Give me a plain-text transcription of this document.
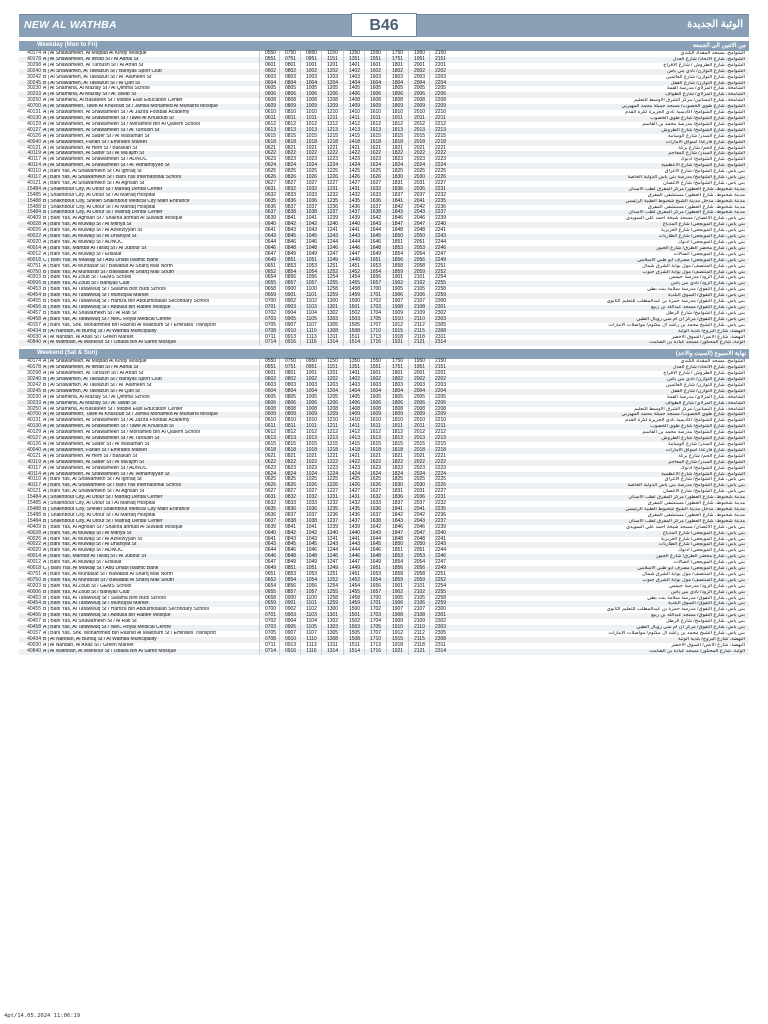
NEW AL WATHBA	الوثبة الجديدة
B46
Weekday (Mon to Fri)	من الاثنين الى الجمعة
40174 A | Al Shawamekh, Al Miqdad Al Kindy Mosque	0550	0750	0950	1150	1350	1550	1750	1950	2150	الشوامخ، مسجد المقداد الكندي
40178 A | Al Shawamekh, Al Itihad St / Al Adhal St	0551	0751	0951	1151	1351	1551	1751	1951	2151	الشوامخ، شارع الاتحاد/ شارع العدل
30298 A | Al Shawamekh, Al Turoush St / Al Afrah St	0601	0801	1001	1201	1401	1601	1801	2001	2201	الشوامخ، شارع الطروش / شارع الافراح
30240 B | Al Shawamkh, Al Tawazun St / Baniyas Sport Club	0602	0802	1002	1202	1402	1602	1802	2002	2202	الشوامخ، شارع التوازن/ نادي بني ياس
30242 B | Al Shawamkh, Al Tawazun St / Al 'Alameen St	0603	0803	1003	1203	1403	1603	1803	2003	2203	الشوامخ، شارع التوازن/ شارع العالمين
30245 B | Al Shawamkh, Al Tawazun St / Al Qafl St	0604	0804	1004	1204	1404	1604	1804	2004	2204	الشوامخ، شارع التوازن/ شارع القفل
30230 A | Al Shamkha, Al Mazlay St / Al Qimma School	0605	0805	1005	1205	1405	1605	1805	2005	2205	الشامخة، شارع المزلاي/ مدرسة القمة
30233 A | Al Shamkha, Al Mazlay St / Al Tawaf St	0606	0806	1006	1206	1406	1606	1806	2006	2206	الشامخة، شارع المزلاي/ شارع الطواف
30250 A | Al Shamkha, Al Basateen St / Middle East Education Center	0608	0808	1008	1208	1408	1608	1808	2008	2208	الشامخة، شارع البساتين/ مركز الشرق الاوسط للتعليم
40700 A | Al Shawamekh, Tawe Al Khusoub St / Jamila Mohamed Al Muhairbi Mosque	0609	0809	1009	1209	1409	1609	1809	2009	2209	الشوامخ، شارع طوي الخصوب/ مسجد جميلة محمد المهيربي
40131 A | Al Shawamekh, Al Shawamekh St / Al Jazira Football Academy	0610	0810	1010	1210	1410	1610	1810	2010	2210	الشوامخ، شارع الشوامخ/ اكاديمية نادي الجزيرة لكرة القدم
40130 A | Al Shawamekh, Al Shawamekh St / Tawe Al Khusoub St	0611	0811	1011	1211	1411	1611	1811	2011	2211	الشوامخ، شارع الشوامخ/ شارع طوي الخصوب
40129 A | Al Shawamekh, Al Shawamekh St / Mohamed Bin Al Qasem School	0612	0812	1012	1212	1412	1612	1812	2012	2212	الشوامخ، شارع الشوامخ/ مدرسة محمد بن القاسم
40127 A | Al Shawamekh, Al Shawamekh St / Al Turoush St	0613	0813	1013	1213	1413	1613	1813	2013	2213	الشوامخ، شارع الشوامخ/ شارع الطروش
40126 A | Al Shawamekh, Al Sader St / Al Wasamah St	0615	0815	1015	1215	1415	1615	1815	2015	2215	الشوامخ، شارع السدر/ شارع الوسامة
40040 A | Al Shawamekh, Fariah St / Emirates Market	0618	0818	1018	1218	1418	1618	1818	2018	2218	الشوامخ، شارع فارعة/ اسواق الامارات
40121 A | Al Shawamekh, Al Hem St / Barakah St	0621	0821	1021	1221	1421	1621	1821	2021	2221	الشوامخ، شارع الحم/ شارع بركة
40119 A | Al Shawamekh, Al Sader St / Al Ma'ajim St	0622	0822	1022	1222	1422	1622	1822	2022	2222	الشوامخ، شارع السدر/ شارع المعاجم
40117 A | Al Shawamekh, Al Shawamekh St / ADNOC	0623	0823	1023	1223	1423	1623	1823	2023	2223	الشوامخ، شارع الشوامخ/ ادنوك
40114 A | Al Shawamekh, Al Shawamekh St / Al 'Adhamiyyah St	0624	0824	1024	1224	1424	1624	1824	2024	2224	الشوامخ، شارع الشوامخ/ شارع الاعظمية
40110 A | Bani Yas, Al Shawamekh St / Al Ighraq St	0625	0825	1025	1225	1425	1625	1825	2025	2225	بني ياس، شارع الشوامخ/ شارع الاغراق
40117 A | Bani Yas, Al Shawamekh St / Bani Yas International School	0626	0826	1026	1226	1426	1626	1830	2030	2226	بني ياس، شارع الشوامخ/ مدرسة بني ياس الدولية الخاصة
40121 A | Bani Yas, Al Shawamekh St / Al Aghsan St	0627	0827	1027	1227	1427	1627	1831	2031	2227	بني ياس، شارع الشوامخ/ شارع الاغصان
15484 A | Shakhbout City, Al Utour St / Mafraq Dental Center	0631	0832	1032	1231	1431	1632	1836	2036	2231	مدينة شخبوط، شارع العطور/ مركز المفرق لطب الاسنان
15485 A | Shakhbout City, Al Utour St / Al Mafraq Hospital	0632	0833	1033	1232	1432	1633	1837	2037	2232	مدينة شخبوط، شارع العطور/ مستشفى المفرق
15488 B | Shakhbout City, Sheikh Shakhbout Medical City Main Entrance	0635	0836	1036	1235	1435	1636	1841	2041	2235	مدينة شخبوط، مدخل مدينة الشيخ شخبوط الطبية الرئيسي
15488 B | Shakhbout City, Al Utour St / Al Mafraq Hospital	0636	0837	1037	1236	1436	1637	1842	2042	2236	مدينة شخبوط، شارع العطور/ مستشفى المفرق
15484 B | Shakhbout City, Al Utour St / Mafraq Dental Center	0637	0838	1038	1237	1437	1638	1843	2043	2237	مدينة شخبوط، شارع العطور/ مركز المفرق لطب الاسنان
40409 B | Bani Yas, Al Aghsan St / Shakha ahmad Al Suwaidi Mosque	0639	0841	1041	1239	1439	1642	1846	2046	2239	بني ياس، شارع الاغصان/ مسجد شيخة احمد علي السويدي
40028 A | Bani Yas, Al Muwaiji St / Al Mithya St	0640	0842	1042	1240	1440	1643	1847	2047	2240	بني ياس، شارع المويجعي/ شارع المذياع
40026 A | Bani Yas, Al Muwaiji St / Al Azeeziyyah St	0641	0843	1043	1241	1441	1644	1848	2048	2241	بني ياس، شارع المويجعي/ شارع العزيزية
40022 A | Bani Yas, Al Muwaiji St / Al Dhaniyat St	0643	0845	1045	1243	1443	1645	1850	2050	2243	بني ياس، شارع المويجعي/ شارع الظاريات
40020 A | Bani Yas, Al Muwaiji St / ADNOC	0644	0846	1046	1244	1444	1646	1851	2051	2244	بني ياس، شارع المويجعي/ ادنوك
40014 A | Bani Yas, Mahdar Al Taraq St / Al Jubour St	0646	0848	1048	1246	1446	1648	1853	2053	2246	بني ياس، شارع محضر الطرق/ شارع الجبور
40012 A | Bani Yas, Al Muwaiji St / Etisalat	0647	0849	1049	1247	1447	1649	1854	2054	2247	بني ياس، شارع المويجعي/ اتصالات
40018 C | Bani Yas, Al Muwaiji St / Abu Dhabi Islamic Bank	0649	0851	1051	1249	1449	1651	1856	2056	2249	بني ياس، شارع المويجعي/ مصرف ابو ظبي الاسلامي
40751 A | Bani Yas, Al Muntasaf St / Bawabat Al Sharq Mall North	0651	0853	1053	1251	1451	1653	1858	2058	2251	بني ياس، شارع المنتصف/ مول بوابة الشرق شمال
40750 B | Bani Yas, Al Muntasaf St / Bawabat Al Sharq Mall South	0652	0854	1054	1252	1452	1654	1859	2059	2252	بني ياس، شارع المنتصف/ مول بوابة الشرق جنوب
40203 B | Bani Yas, Al Zoud St / GEMS School	0654	0856	1056	1254	1454	1656	1901	2101	2254	بني ياس، شارع الزود/ مدرسة جيمس
40006 B | Bani Yas, Al Zoud St / Baniyas Club	0655	0857	1057	1255	1455	1657	1902	2102	2255	بني ياس، شارع الزود/ نادي بني ياس
40453 B | Bani Yas, Al Tafawwuq St / Salama Bint Butti School	0658	0900	1100	1258	1458	1700	1905	2105	2258	بني ياس، شارع التفوق/ مدرسة سلامة بنت بطي
40454 B | Bani Yas, Al Tafawwuq St / Municipal Market	0659	0901	1101	1259	1459	1701	1906	2106	2259	بني ياس، شارع التفوق/ السوق البلدية
40455 B | Bani Yas, Al Tafawwuq St / Hamza Bin Abdulmotalab Secondary School	0700	0902	1102	1300	1500	1702	1907	2107	2300	بني ياس، شارع التفوق/ مدرسة حمزة بن عبدالمطلب للتعليم الثانوي
40456 B | Bani Yas, Al Tafawwuq St / Abdulla bin Rabee Mosque	0701	0903	1103	1301	1501	1703	1908	2108	2301	بني ياس، شارع التفوق/ مسجد عبدالله بن ربيع
40457 B | Bani Yas, Al Shawamekh St / Al Ratl St	0702	0904	1104	1302	1502	1704	1909	2109	2302	بني ياس، شارع الشوامخ/ شارع الرطل
40458 A | Bani Yas, Al Tafawwuq St / NMC Royal Medical Centre	0703	0905	1105	1303	1503	1705	1910	2110	2303	بني ياس، شارع التفوق/ مركز ان ام سي رويال الطبي
40157 A | Bani Yas, Shk. Mohammed Bin Rashid Al Maktoum St / Emirates Transport	0705	0907	1107	1305	1505	1707	1912	2112	2305	بني ياس، شارع الشيخ محمد بن راشد آل مكتوم/ مواصلات الامارات
40434 B | Al Nahdah, Al Burouj St / Al Wathba Municipality	0708	0910	1110	1308	1508	1710	1915	2115	2308	النهضة، شارع البروج/ بلدية الوثبة
40030 A | Al Nahdah, Al Anas St / Green Market	0711	0913	1113	1311	1511	1713	1918	2118	2311	النهضة، شارع الانس/ السوق الاخضر
40840 A | Al Wathbah, Al Mahkour St / Obada Bin Al Samit Mosque	0714	0916	1116	1314	1514	1716	1921	2121	2314	الوثبة، شارع المحكور/ مسجد عبادة بن الصامت
Weekend (Sat & Sun)	نهاية الاسبوع (السبت والاحد)
40174 A | Al Shawamekh, Al Miqdad Al Kindy Mosque	0550	0750	0950	1150	1350	1550	1750	1950	2150	الشوامخ، مسجد المقداد الكندي
40178 A | Al Shawamekh, Al Itihad St / Al Adhal St	0551	0751	0951	1151	1351	1551	1751	1951	2151	الشوامخ، شارع الاتحاد/ شارع العدل
30298 A | Al Shawamekh, Al Turoush St / Al Afrah St	0601	0801	1001	1201	1401	1601	1801	2001	2201	الشوامخ، شارع الطروش / شارع الافراح
30240 B | Al Shawamkh, Al Tawazun St / Baniyas Sport Club	0602	0802	1002	1202	1402	1602	1802	2002	2202	الشوامخ، شارع التوازن/ نادي بني ياس
30242 B | Al Shawamkh, Al Tawazun St / Al 'Alameen St	0603	0803	1003	1203	1403	1603	1803	2003	2203	الشوامخ، شارع التوازن/ شارع العالمين
30245 B | Al Shawamkh, Al Tawazun St / Al Qafl St	0604	0804	1004	1204	1404	1604	1804	2004	2204	الشوامخ، شارع التوازن/ شارع القفل
30230 A | Al Shamkha, Al Mazlay St / Al Qimma School	0605	0805	1005	1205	1405	1605	1805	2005	2205	الشامخة، شارع المزلاي/ مدرسة القمة
30233 A | Al Shamkha, Al Mazlay St / Al Tawaf St	0606	0806	1006	1206	1406	1606	1806	2006	2206	الشامخة، شارع المزلاي/ شارع الطواف
30250 A | Al Shamkha, Al Basateen St / Middle East Education Center	0608	0808	1008	1208	1408	1608	1808	2008	2208	الشامخة، شارع البساتين/ مركز الشرق الاوسط للتعليم
40700 A | Al Shawamekh, Tawe Al Khusoub St / Jamila Mohamed Al Muhairbi Mosque	0609	0809	1009	1209	1409	1609	1809	2009	2209	الشوامخ، شارع طوي الخصوب/ مسجد جميلة محمد المهيربي
40131 A | Al Shawamekh, Al Shawamekh St / Al Jazira Football Academy	0610	0810	1010	1210	1410	1610	1810	2010	2210	الشوامخ، شارع الشوامخ/ اكاديمية نادي الجزيرة لكرة القدم
40130 A | Al Shawamekh, Al Shawamekh St / Tawe Al Khusoub St	0611	0811	1011	1211	1411	1611	1811	2011	2211	الشوامخ، شارع الشوامخ/ شارع طوي الخصوب
40129 A | Al Shawamekh, Al Shawamekh St / Mohamed Bin Al Qasem School	0612	0812	1012	1212	1412	1612	1812	2012	2212	الشوامخ، شارع الشوامخ/ مدرسة محمد بن القاسم
40127 A | Al Shawamekh, Al Shawamekh St / Al Turoush St	0613	0813	1013	1213	1413	1613	1813	2013	2213	الشوامخ، شارع الشوامخ/ شارع الطروش
40126 A | Al Shawamekh, Al Sader St / Al Wasamah St	0615	0815	1015	1215	1415	1615	1815	2015	2215	الشوامخ، شارع السدر/ شارع الوسامة
40040 A | Al Shawamekh, Fariah St / Emirates Market	0618	0818	1018	1218	1418	1618	1818	2018	2218	الشوامخ، شارع فارعة/ اسواق الامارات
40121 A | Al Shawamekh, Al Hem St / Barakah St	0621	0821	1021	1221	1421	1621	1821	2021	2221	الشوامخ، شارع الحم/ شارع بركة
40119 A | Al Shawamekh, Al Sader St / Al Ma'ajim St	0622	0822	1022	1222	1422	1622	1822	2022	2222	الشوامخ، شارع السدر/ شارع المعاجم
40117 A | Al Shawamekh, Al Shawamekh St / ADNOC	0623	0823	1023	1223	1423	1623	1823	2023	2223	الشوامخ، شارع الشوامخ/ ادنوك
40114 A | Al Shawamekh, Al Shawamekh St / Al 'Adhamiyyah St	0624	0824	1024	1224	1424	1624	1824	2024	2224	الشوامخ، شارع الشوامخ/ شارع الاعظمية
40110 A | Bani Yas, Al Shawamekh St / Al Ighraq St	0625	0825	1025	1225	1425	1625	1825	2025	2225	بني ياس، شارع الشوامخ/ شارع الاغراق
40117 A | Bani Yas, Al Shawamekh St / Bani Yas International School	0626	0826	1026	1226	1426	1626	1830	2030	2226	بني ياس، شارع الشوامخ/ مدرسة بني ياس الدولية الخاصة
40121 A | Bani Yas, Al Shawamekh St / Al Aghsan St	0627	0827	1027	1227	1427	1627	1831	2031	2227	بني ياس، شارع الشوامخ/ شارع الاغصان
15484 A | Shakhbout City, Al Utour St / Mafraq Dental Center	0631	0832	1032	1231	1431	1632	1836	2036	2231	مدينة شخبوط، شارع العطور/ مركز المفرق لطب الاسنان
15485 A | Shakhbout City, Al Utour St / Al Mafraq Hospital	0632	0833	1033	1232	1432	1633	1837	2037	2232	مدينة شخبوط، شارع العطور/ مستشفى المفرق
15488 B | Shakhbout City, Sheikh Shakhbout Medical City Main Entrance	0635	0836	1036	1235	1435	1636	1841	2041	2235	مدينة شخبوط، مدخل مدينة الشيخ شخبوط الطبية الرئيسي
15488 B | Shakhbout City, Al Utour St / Al Mafraq Hospital	0636	0837	1037	1236	1436	1637	1842	2042	2236	مدينة شخبوط، شارع العطور/ مستشفى المفرق
15484 B | Shakhbout City, Al Utour St / Mafraq Dental Center	0637	0838	1038	1237	1437	1638	1843	2043	2237	مدينة شخبوط، شارع العطور/ مركز المفرق لطب الاسنان
40409 B | Bani Yas, Al Aghsan St / Shakha ahmad Al Suwaidi Mosque	0639	0841	1041	1239	1439	1642	1846	2046	2239	بني ياس، شارع الاغصان/ مسجد شيخة احمد علي السويدي
40028 A | Bani Yas, Al Muwaiji St / Al Mithya St	0640	0842	1042	1240	1440	1643	1847	2047	2240	بني ياس، شارع المويجعي/ شارع المذياع
40026 A | Bani Yas, Al Muwaiji St / Al Azeeziyyah St	0641	0843	1043	1241	1441	1644	1848	2048	2241	بني ياس، شارع المويجعي/ شارع العزيزية
40022 A | Bani Yas, Al Muwaiji St / Al Dhaniyat St	0643	0845	1045	1243	1443	1645	1850	2050	2243	بني ياس، شارع المويجعي/ شارع الظاريات
40020 A | Bani Yas, Al Muwaiji St / ADNOC	0644	0846	1046	1244	1444	1646	1851	2051	2244	بني ياس، شارع المويجعي/ ادنوك
40014 A | Bani Yas, Mahdar Al Taraq St / Al Jubour St	0646	0848	1048	1246	1446	1648	1853	2053	2246	بني ياس، شارع محضر الطرق/ شارع الجبور
40012 A | Bani Yas, Al Muwaiji St / Etisalat	0647	0849	1049	1247	1447	1649	1854	2054	2247	بني ياس، شارع المويجعي/ اتصالات
40018 C | Bani Yas, Al Muwaiji St / Abu Dhabi Islamic Bank	0649	0851	1051	1249	1449	1651	1856	2056	2249	بني ياس، شارع المويجعي/ مصرف ابو ظبي الاسلامي
40751 A | Bani Yas, Al Muntasaf St / Bawabat Al Sharq Mall North	0651	0853	1053	1251	1451	1653	1858	2058	2251	بني ياس، شارع المنتصف/ مول بوابة الشرق شمال
40750 B | Bani Yas, Al Muntasaf St / Bawabat Al Sharq Mall South	0652	0854	1054	1252	1452	1654	1859	2059	2252	بني ياس، شارع المنتصف/ مول بوابة الشرق جنوب
40203 B | Bani Yas, Al Zoud St / GEMS School	0654	0856	1056	1254	1454	1656	1901	2101	2254	بني ياس، شارع الزود/ مدرسة جيمس
40006 B | Bani Yas, Al Zoud St / Baniyas Club	0655	0857	1057	1255	1455	1657	1902	2102	2255	بني ياس، شارع الزود/ نادي بني ياس
40453 B | Bani Yas, Al Tafawwuq St / Salama Bint Butti School	0658	0900	1100	1258	1458	1700	1905	2105	2258	بني ياس، شارع التفوق/ مدرسة سلامة بنت بطي
40454 B | Bani Yas, Al Tafawwuq St / Municipal Market	0659	0901	1101	1259	1459	1701	1906	2106	2259	بني ياس، شارع التفوق/ السوق البلدية
40455 B | Bani Yas, Al Tafawwuq St / Hamza Bin Abdulmotalab Secondary School	0700	0902	1102	1300	1500	1702	1907	2107	2300	بني ياس، شارع التفوق/ مدرسة حمزة بن عبدالمطلب للتعليم الثانوي
40456 B | Bani Yas, Al Tafawwuq St / Abdulla bin Rabee Mosque	0701	0903	1103	1301	1501	1703	1908	2108	2301	بني ياس، شارع التفوق/ مسجد عبدالله بن ربيع
40457 B | Bani Yas, Al Shawamekh St / Al Ratl St	0702	0904	1104	1302	1502	1704	1909	2109	2302	بني ياس، شارع الشوامخ/ شارع الرطل
40458 A | Bani Yas, Al Tafawwuq St / NMC Royal Medical Centre	0703	0905	1105	1303	1503	1705	1910	2110	2303	بني ياس، شارع التفوق/ مركز ان ام سي رويال الطبي
40157 A | Bani Yas, Shk. Mohammed Bin Rashid Al Maktoum St / Emirates Transport	0705	0907	1107	1305	1505	1707	1912	2112	2305	بني ياس، شارع الشيخ محمد بن راشد آل مكتوم/ مواصلات الامارات
40434 B | Al Nahdah, Al Burouj St / Al Wathba Municipality	0708	0910	1110	1308	1508	1710	1915	2115	2308	النهضة، شارع البروج/ بلدية الوثبة
40030 A | Al Nahdah, Al Anas St / Green Market	0711	0913	1113	1311	1511	1713	1918	2118	2311	النهضة، شارع الانس/ السوق الاخضر
40840 A | Al Wathbah, Al Mahkour St / Obada Bin Al Samit Mosque	0714	0916	1116	1314	1514	1716	1921	2121	2314	الوثبة، شارع المحكور/ مسجد عبادة بن الصامت
4pt/14.05.2024 11:06:19
